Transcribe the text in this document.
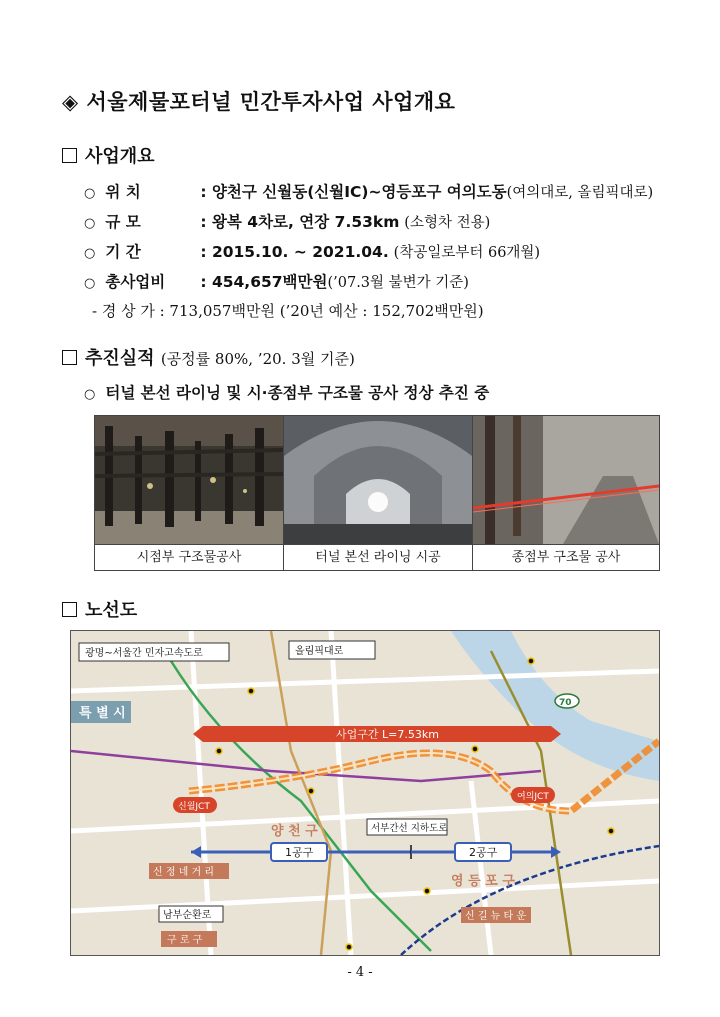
◈ 서울제물포터널 민간투자사업 사업개요
사업개요
○ 위 치	: 양천구 신월동(신월IC)~영등포구 여의도동(여의대로, 올림픽대로)
○ 규 모	: 왕복 4차로, 연장 7.53km (소형차 전용)
○ 기 간	: 2015.10. ~ 2021.04. (착공일로부터 66개월)
○ 총사업비 : 454,657백만원(’07.3월 불변가 기준)
- 경 상 가 : 713,057백만원 (’20년 예산 : 152,702백만원)
추진실적 (공정률 80%, ’20. 3월 기준)
○ 터널 본선 라이닝 및 시·종점부 구조물 공사 정상 추진 중
시점부 구조물공사	터널 본선 라이닝 시공	종점부 구조물 공사
노선도
광명~서울간 민자고속도로	올림픽대로
특 별 시
70
사업구간 L=7.53km
신월JCT
여의JCT
서부간선 지하도로
1공구	2공구
양 천 구
영 등 포 구
신 정 네 거 리
남부순환로
구 로 구
신 길 뉴 타 운
- 4 -
